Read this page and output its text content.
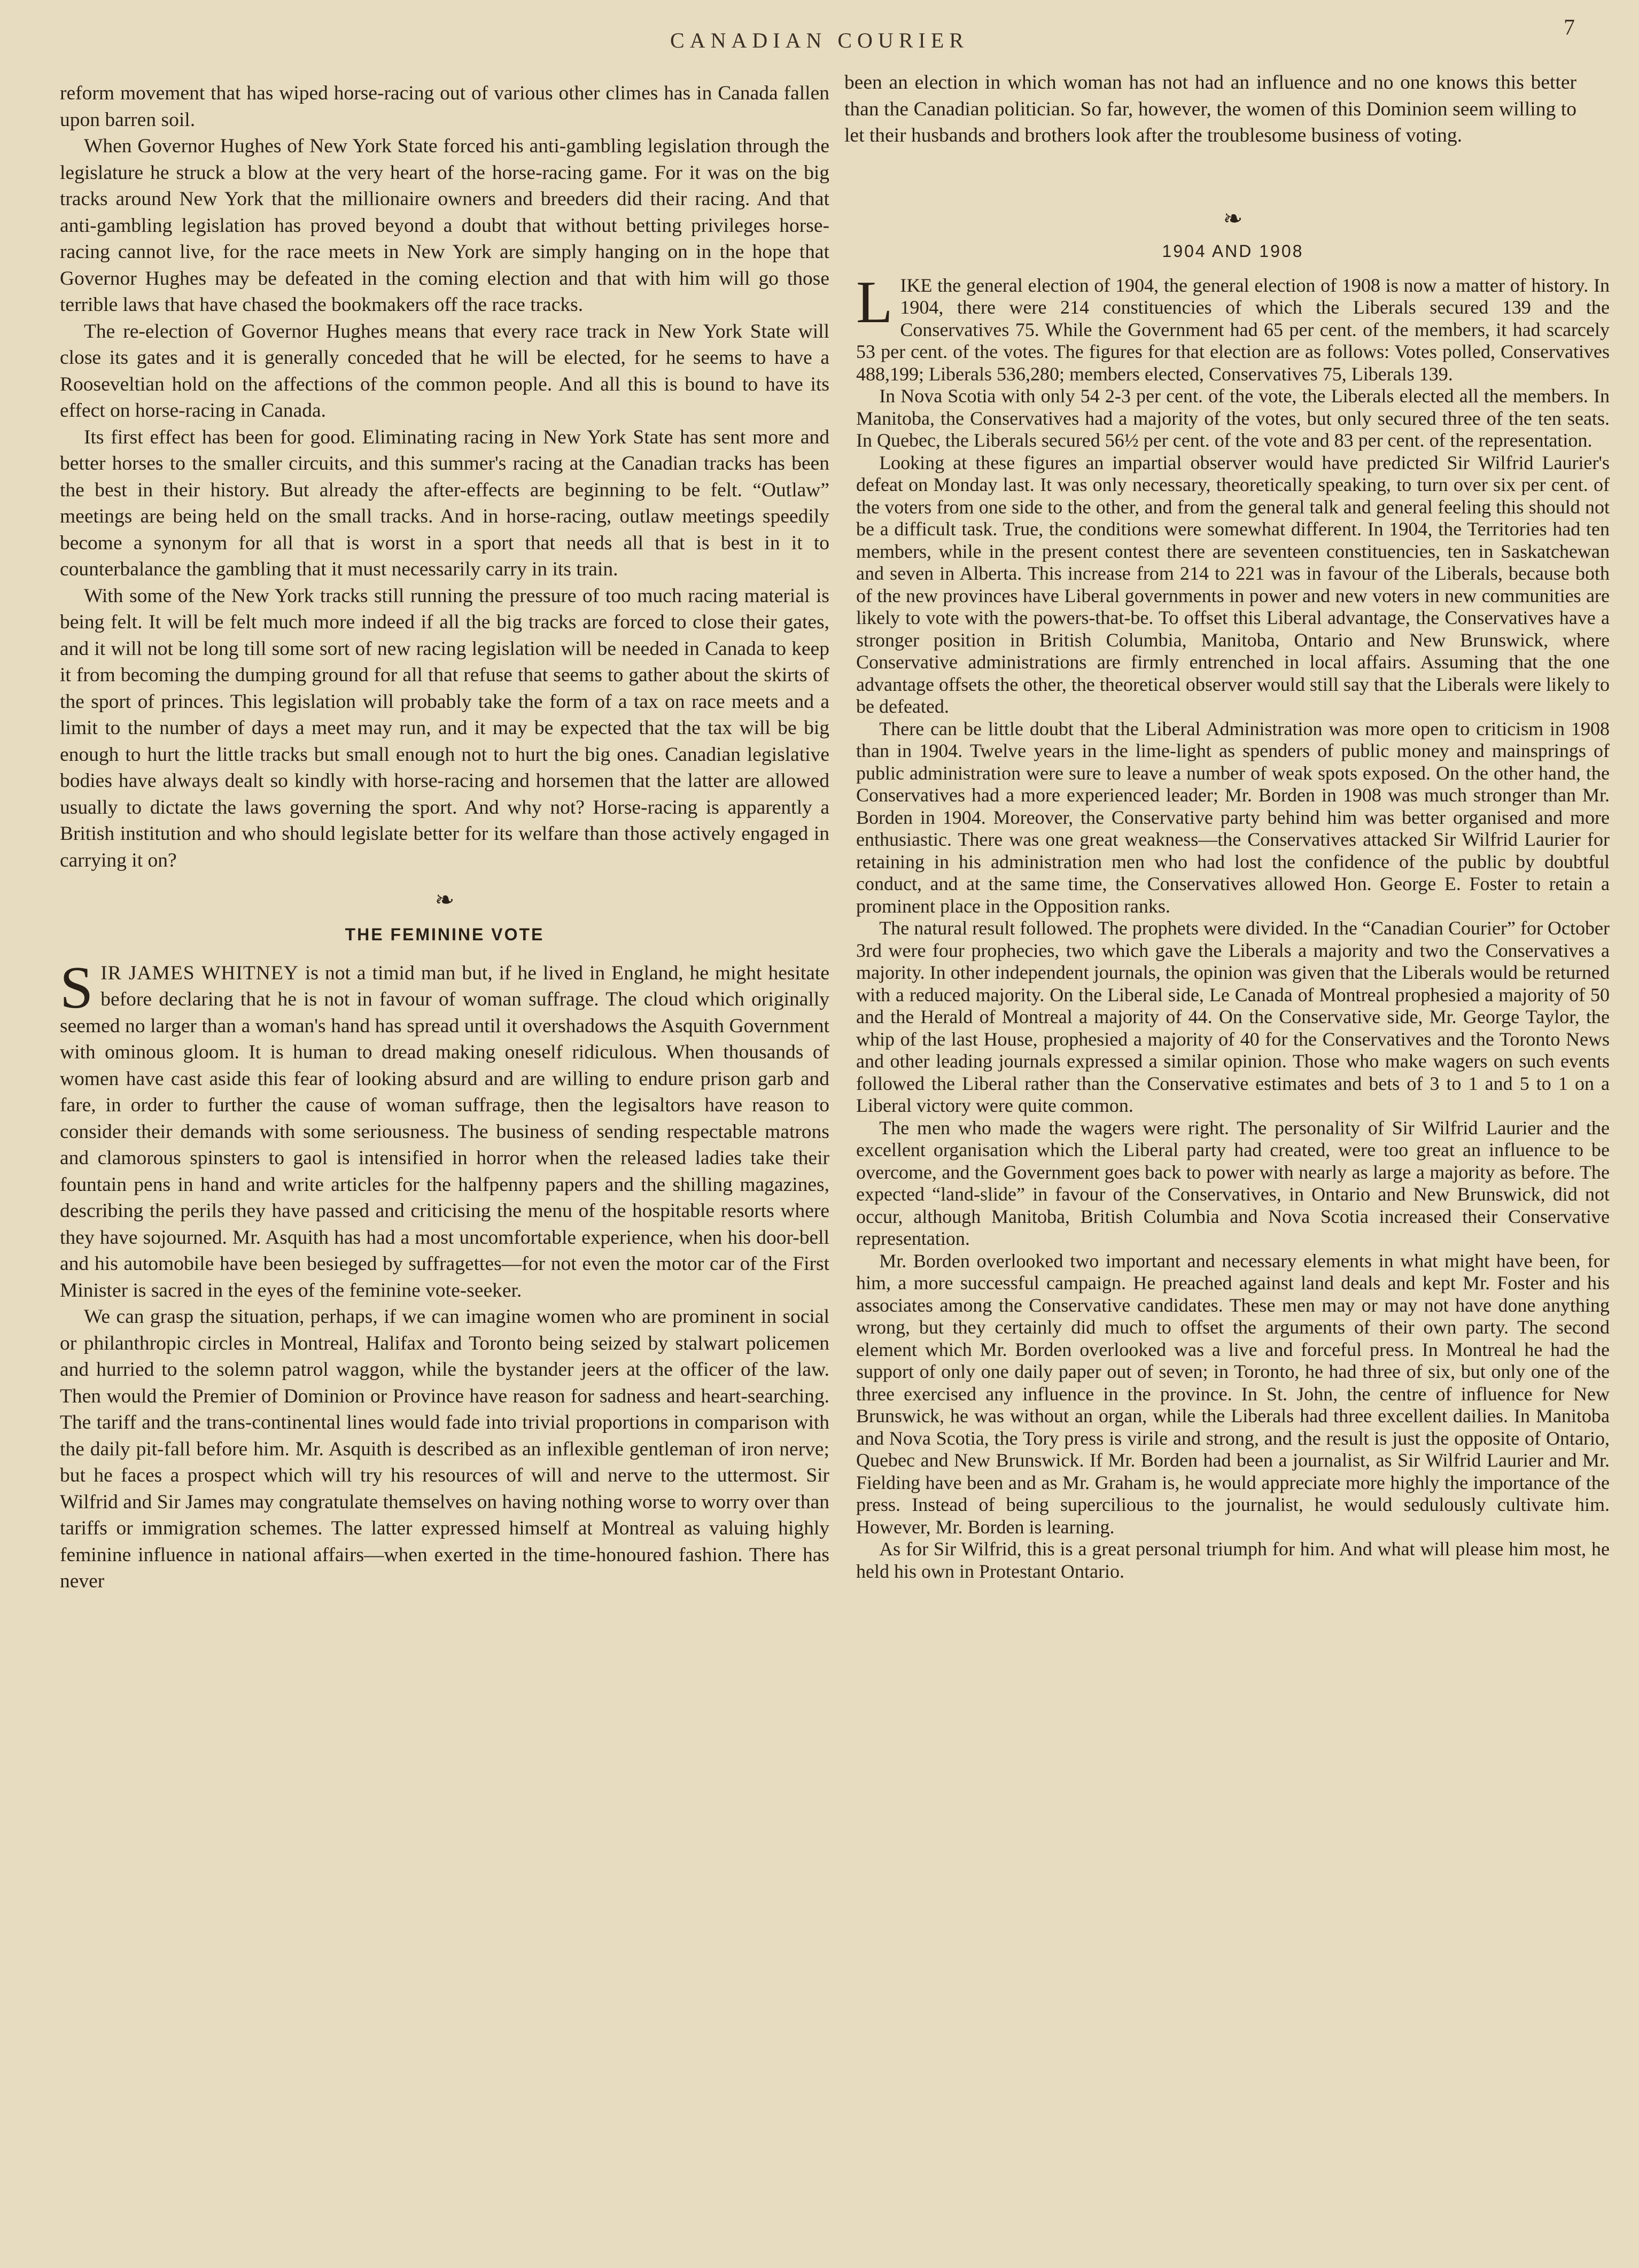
CANADIAN COURIER
7

reform movement that has wiped horse-racing out of various other climes has in Canada fallen upon barren soil.

When Governor Hughes of New York State forced his anti-gambling legislation through the legislature he struck a blow at the very heart of the horse-racing game. For it was on the big tracks around New York that the millionaire owners and breeders did their racing. And that anti-gambling legislation has proved beyond a doubt that without betting privileges horse-racing cannot live, for the race meets in New York are simply hanging on in the hope that Governor Hughes may be defeated in the coming election and that with him will go those terrible laws that have chased the bookmakers off the race tracks.

The re-election of Governor Hughes means that every race track in New York State will close its gates and it is generally conceded that he will be elected, for he seems to have a Rooseveltian hold on the affections of the common people. And all this is bound to have its effect on horse-racing in Canada.

Its first effect has been for good. Eliminating racing in New York State has sent more and better horses to the smaller circuits, and this summer's racing at the Canadian tracks has been the best in their history. But already the after-effects are beginning to be felt. “Outlaw” meetings are being held on the small tracks. And in horse-racing, outlaw meetings speedily become a synonym for all that is worst in a sport that needs all that is best in it to counterbalance the gambling that it must necessarily carry in its train.

With some of the New York tracks still running the pressure of too much racing material is being felt. It will be felt much more indeed if all the big tracks are forced to close their gates, and it will not be long till some sort of new racing legislation will be needed in Canada to keep it from becoming the dumping ground for all that refuse that seems to gather about the skirts of the sport of princes. This legislation will probably take the form of a tax on race meets and a limit to the number of days a meet may run, and it may be expected that the tax will be big enough to hurt the little tracks but small enough not to hurt the big ones. Canadian legislative bodies have always dealt so kindly with horse-racing and horsemen that the latter are allowed usually to dictate the laws governing the sport. And why not? Horse-racing is apparently a British institution and who should legislate better for its welfare than those actively engaged in carrying it on?

❧
THE FEMININE VOTE

SIR JAMES WHITNEY is not a timid man but, if he lived in England, he might hesitate before declaring that he is not in favour of woman suffrage. The cloud which originally seemed no larger than a woman's hand has spread until it overshadows the Asquith Government with ominous gloom. It is human to dread making oneself ridiculous. When thousands of women have cast aside this fear of looking absurd and are willing to endure prison garb and fare, in order to further the cause of woman suffrage, then the legisaltors have reason to consider their demands with some seriousness. The business of sending respectable matrons and clamorous spinsters to gaol is intensified in horror when the released ladies take their fountain pens in hand and write articles for the halfpenny papers and the shilling magazines, describing the perils they have passed and criticising the menu of the hospitable resorts where they have sojourned. Mr. Asquith has had a most uncomfortable experience, when his door-bell and his automobile have been besieged by suffragettes—for not even the motor car of the First Minister is sacred in the eyes of the feminine vote-seeker.

We can grasp the situation, perhaps, if we can imagine women who are prominent in social or philanthropic circles in Montreal, Halifax and Toronto being seized by stalwart policemen and hurried to the solemn patrol waggon, while the bystander jeers at the officer of the law. Then would the Premier of Dominion or Province have reason for sadness and heart-searching. The tariff and the trans-continental lines would fade into trivial proportions in comparison with the daily pit-fall before him. Mr. Asquith is described as an inflexible gentleman of iron nerve; but he faces a prospect which will try his resources of will and nerve to the uttermost. Sir Wilfrid and Sir James may congratulate themselves on having nothing worse to worry over than tariffs or immigration schemes. The latter expressed himself at Montreal as valuing highly feminine influence in national affairs—when exerted in the time-honoured fashion. There has never

been an election in which woman has not had an influence and no one knows this better than the Canadian politician. So far, however, the women of this Dominion seem willing to let their husbands and brothers look after the troublesome business of voting.

❧
1904 AND 1908

LIKE the general election of 1904, the general election of 1908 is now a matter of history. In 1904, there were 214 constituencies of which the Liberals secured 139 and the Conservatives 75. While the Government had 65 per cent. of the members, it had scarcely 53 per cent. of the votes. The figures for that election are as follows: Votes polled, Conservatives 488,199; Liberals 536,280; members elected, Conservatives 75, Liberals 139.

In Nova Scotia with only 54 2-3 per cent. of the vote, the Liberals elected all the members. In Manitoba, the Conservatives had a majority of the votes, but only secured three of the ten seats. In Quebec, the Liberals secured 56½ per cent. of the vote and 83 per cent. of the representation.

Looking at these figures an impartial observer would have predicted Sir Wilfrid Laurier's defeat on Monday last. It was only necessary, theoretically speaking, to turn over six per cent. of the voters from one side to the other, and from the general talk and general feeling this should not be a difficult task. True, the conditions were somewhat different. In 1904, the Territories had ten members, while in the present contest there are seventeen constituencies, ten in Saskatchewan and seven in Alberta. This increase from 214 to 221 was in favour of the Liberals, because both of the new provinces have Liberal governments in power and new voters in new communities are likely to vote with the powers-that-be. To offset this Liberal advantage, the Conservatives have a stronger position in British Columbia, Manitoba, Ontario and New Brunswick, where Conservative administrations are firmly entrenched in local affairs. Assuming that the one advantage offsets the other, the theoretical observer would still say that the Liberals were likely to be defeated.

There can be little doubt that the Liberal Administration was more open to criticism in 1908 than in 1904. Twelve years in the lime-light as spenders of public money and mainsprings of public administration were sure to leave a number of weak spots exposed. On the other hand, the Conservatives had a more experienced leader; Mr. Borden in 1908 was much stronger than Mr. Borden in 1904. Moreover, the Conservative party behind him was better organised and more enthusiastic. There was one great weakness—the Conservatives attacked Sir Wilfrid Laurier for retaining in his administration men who had lost the confidence of the public by doubtful conduct, and at the same time, the Conservatives allowed Hon. George E. Foster to retain a prominent place in the Opposition ranks.

The natural result followed. The prophets were divided. In the “Canadian Courier” for October 3rd were four prophecies, two which gave the Liberals a majority and two the Conservatives a majority. In other independent journals, the opinion was given that the Liberals would be returned with a reduced majority. On the Liberal side, Le Canada of Montreal prophesied a majority of 50 and the Herald of Montreal a majority of 44. On the Conservative side, Mr. George Taylor, the whip of the last House, prophesied a majority of 40 for the Conservatives and the Toronto News and other leading journals expressed a similar opinion. Those who make wagers on such events followed the Liberal rather than the Conservative estimates and bets of 3 to 1 and 5 to 1 on a Liberal victory were quite common.

The men who made the wagers were right. The personality of Sir Wilfrid Laurier and the excellent organisation which the Liberal party had created, were too great an influence to be overcome, and the Government goes back to power with nearly as large a majority as before. The expected “land-slide” in favour of the Conservatives, in Ontario and New Brunswick, did not occur, although Manitoba, British Columbia and Nova Scotia increased their Conservative representation.

Mr. Borden overlooked two important and necessary elements in what might have been, for him, a more successful campaign. He preached against land deals and kept Mr. Foster and his associates among the Conservative candidates. These men may or may not have done anything wrong, but they certainly did much to offset the arguments of their own party. The second element which Mr. Borden overlooked was a live and forceful press. In Montreal he had the support of only one daily paper out of seven; in Toronto, he had three of six, but only one of the three exercised any influence in the province. In St. John, the centre of influence for New Brunswick, he was without an organ, while the Liberals had three excellent dailies. In Manitoba and Nova Scotia, the Tory press is virile and strong, and the result is just the opposite of Ontario, Quebec and New Brunswick. If Mr. Borden had been a journalist, as Sir Wilfrid Laurier and Mr. Fielding have been and as Mr. Graham is, he would appreciate more highly the importance of the press. Instead of being supercilious to the journalist, he would sedulously cultivate him. However, Mr. Borden is learning.

As for Sir Wilfrid, this is a great personal triumph for him. And what will please him most, he held his own in Protestant Ontario.
